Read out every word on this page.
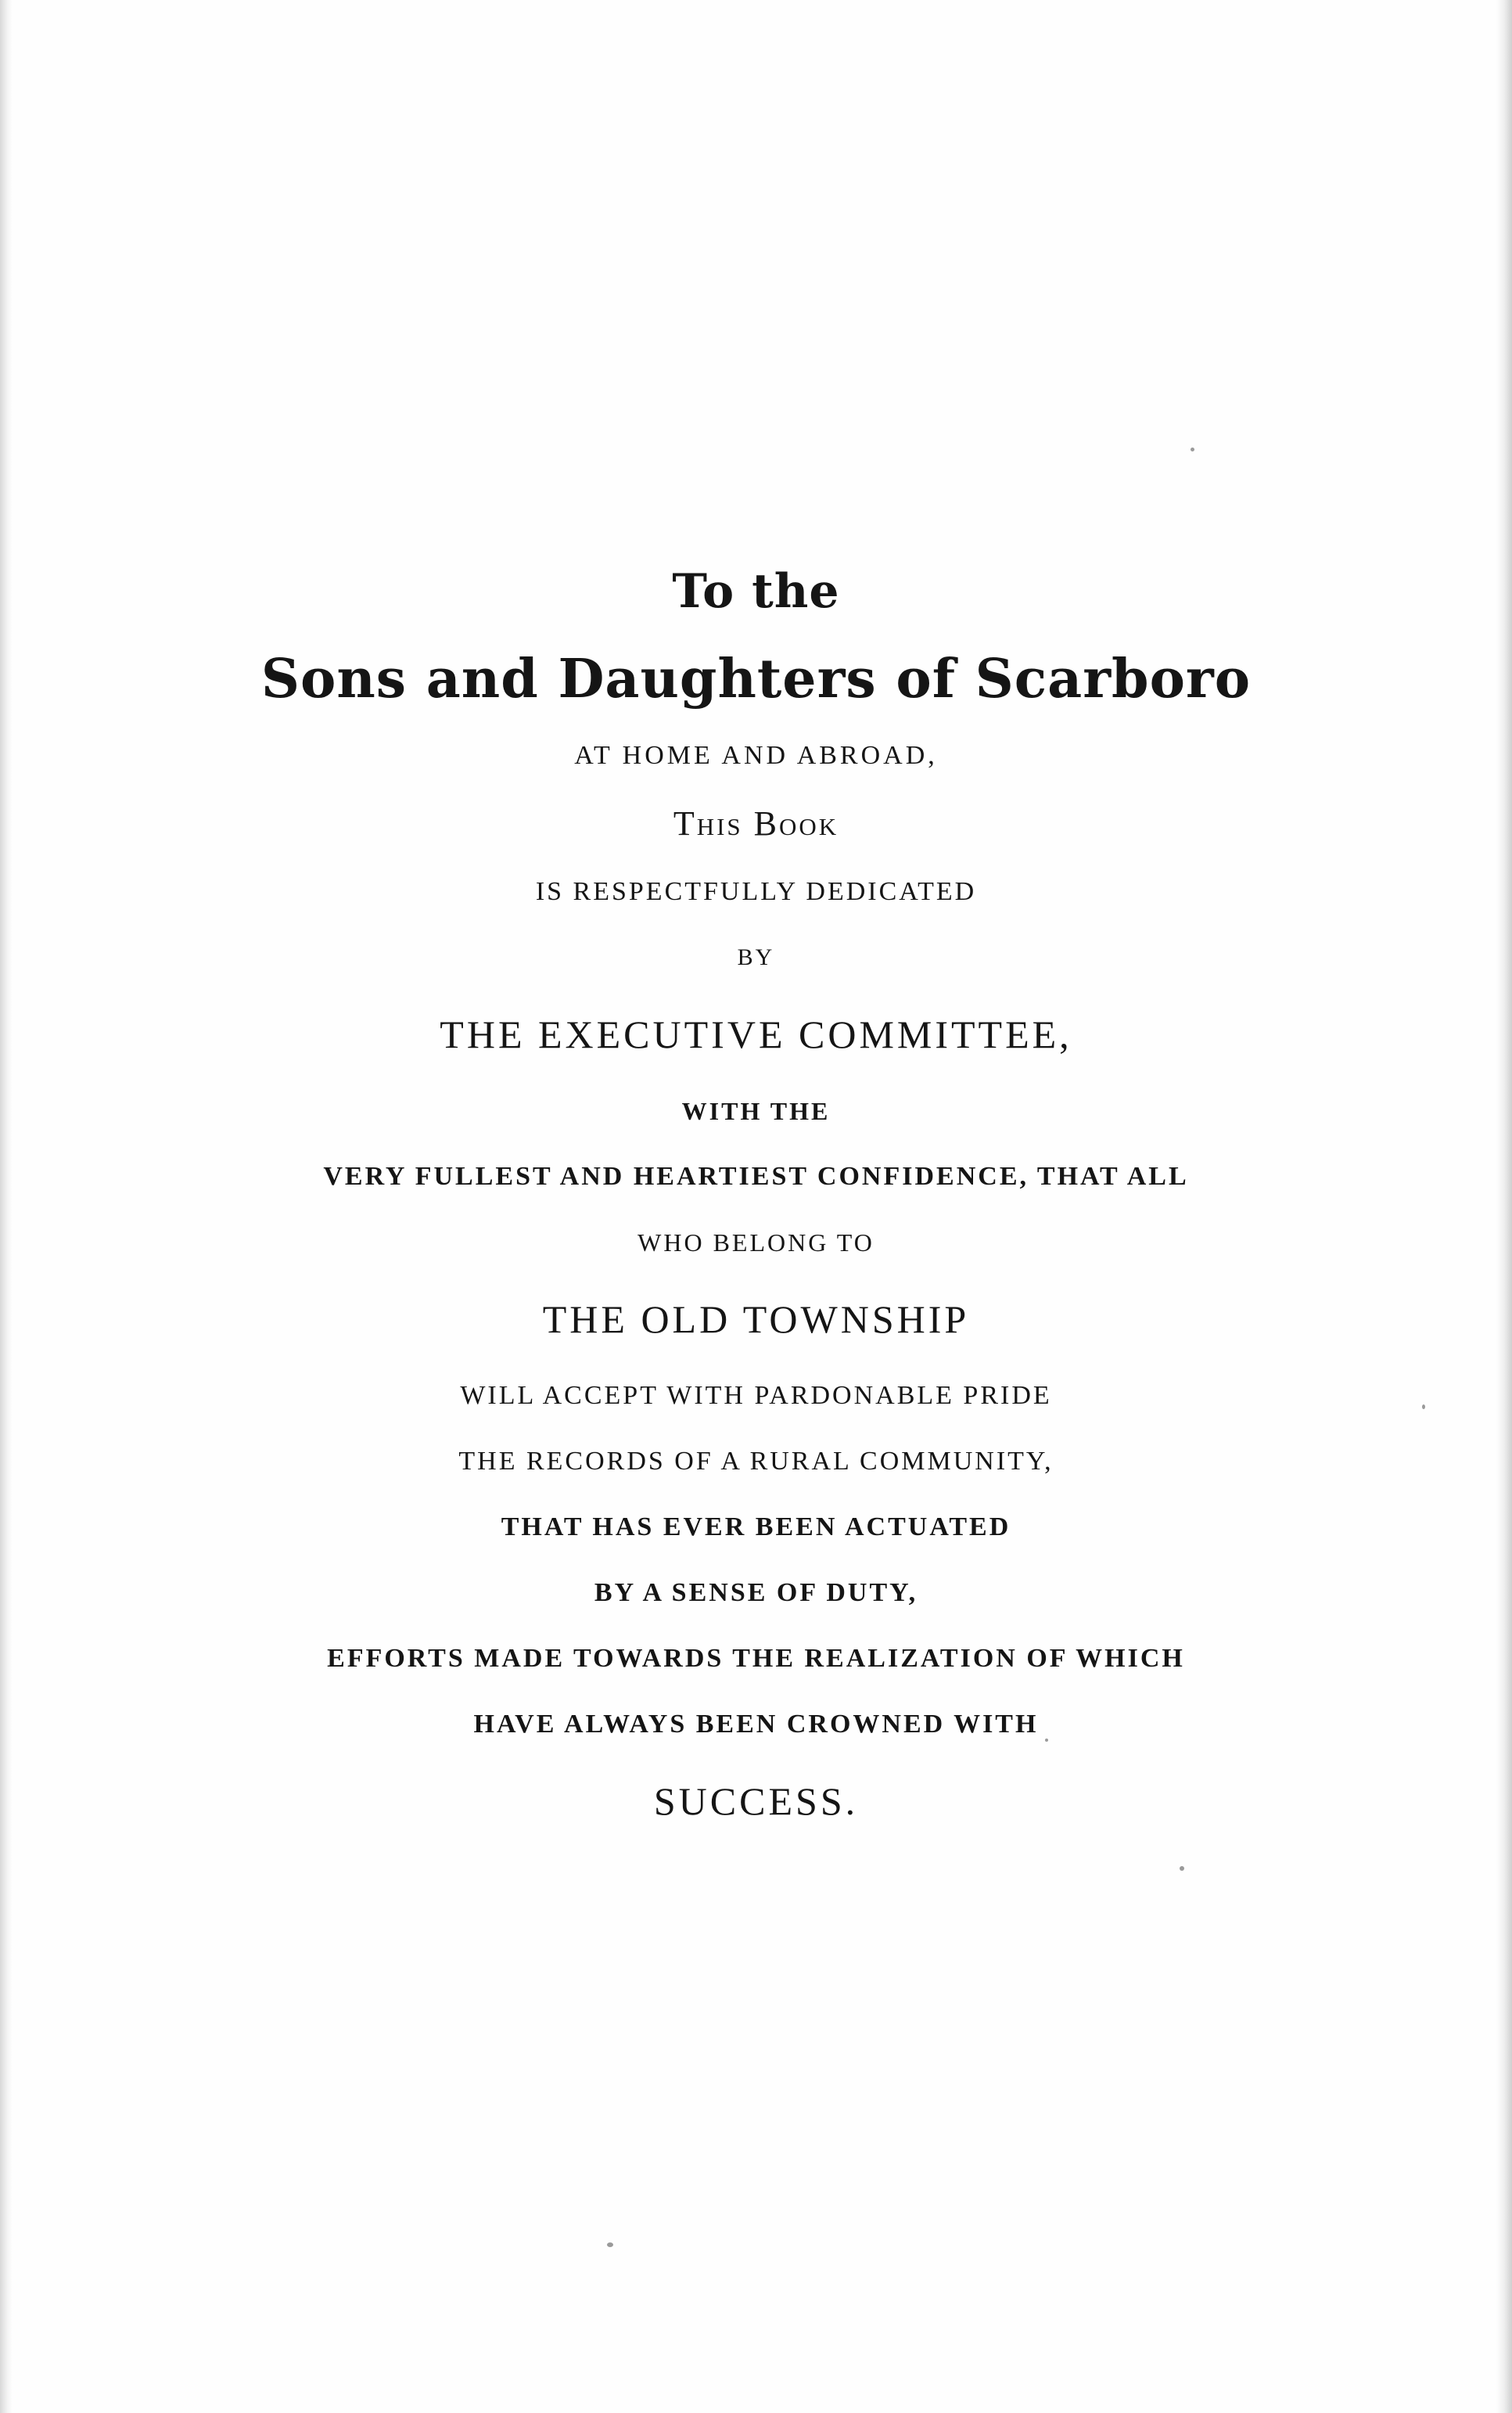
To the
Sons and Daughters of Scarboro
AT HOME AND ABROAD,
This Book
IS RESPECTFULLY DEDICATED
BY
THE EXECUTIVE COMMITTEE,
WITH THE
VERY FULLEST AND HEARTIEST CONFIDENCE, THAT ALL
WHO BELONG TO
THE OLD TOWNSHIP
WILL ACCEPT WITH PARDONABLE PRIDE
THE RECORDS OF A RURAL COMMUNITY,
THAT HAS EVER BEEN ACTUATED
BY A SENSE OF DUTY,
EFFORTS MADE TOWARDS THE REALIZATION OF WHICH
HAVE ALWAYS BEEN CROWNED WITH
SUCCESS.
